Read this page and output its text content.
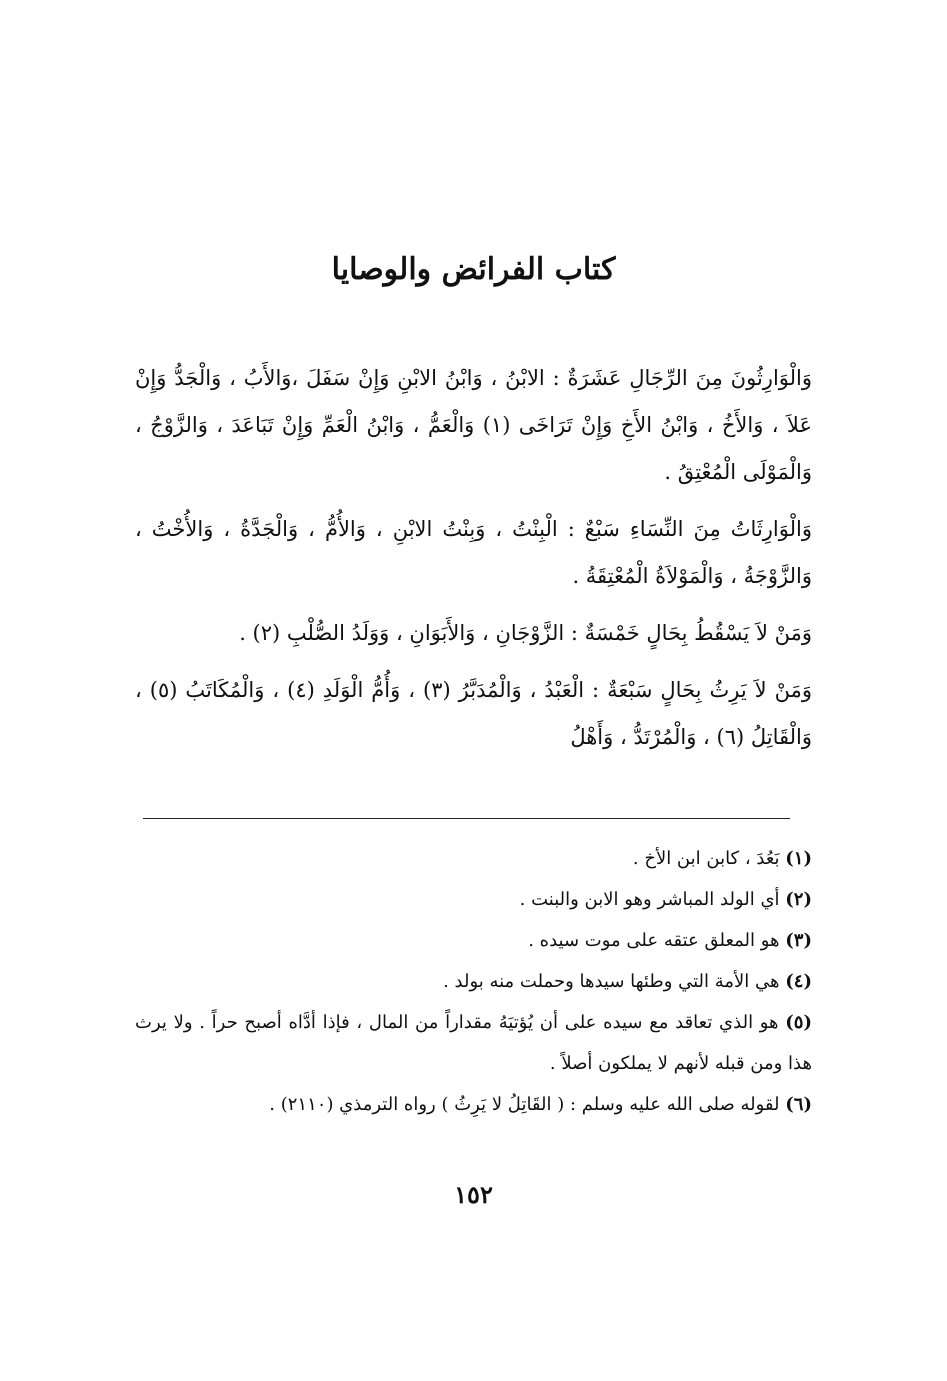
كتاب الفرائض والوصايا

وَالْوَارِثُونَ مِنَ الرِّجَالِ عَشَرَةٌ : الابْنُ ، وَابْنُ الابْنِ وَإِنْ سَفَلَ ،وَالأَبُ ، وَالْجَدُّ وَإِنْ عَلاَ ، وَالأَخُ ، وَابْنُ الأَخِ وَإِنْ تَرَاخَى (١) وَالْعَمُّ ، وَابْنُ الْعَمِّ وَإِنْ تَبَاعَدَ ، وَالزَّوْجُ ، وَالْمَوْلَى الْمُعْتِقُ .

وَالْوَارِثَاتُ مِنَ النِّسَاءِ سَبْعٌ : الْبِنْتُ ، وَبِنْتُ الابْنِ ، وَالأُمُّ ، وَالْجَدَّةُ ، وَالأُخْتُ ، وَالزَّوْجَةُ ، وَالْمَوْلاَةُ الْمُعْتِقَةُ .

وَمَنْ لاَ يَسْقُطُ بِحَالٍ خَمْسَةٌ : الزَّوْجَانِ ، وَالأَبَوَانِ ، وَوَلَدُ الصُّلْبِ (٢) .

وَمَنْ لاَ يَرِثُ بِحَالٍ سَبْعَةٌ : الْعَبْدُ ، وَالْمُدَبَّرُ (٣) ، وَأُمُّ الْوَلَدِ (٤) ، وَالْمُكَاتَبُ (٥) ، وَالْقَاتِلُ (٦) ، وَالْمُرْتَدُّ ، وَأَهْلُ

(١) بَعُدَ ، كابن ابن الأخ .

(٢) أي الولد المباشر وهو الابن والبنت .

(٣) هو المعلق عتقه على موت سيده .

(٤) هي الأمة التي وطئها سيدها وحملت منه بولد .

(٥) هو الذي تعاقد مع سيده على أن يُؤتيَهُ مقداراً من المال ، فإذا أدَّاه أصبح حراً . ولا يرث هذا ومن قبله لأنهم لا يملكون أصلاً .

(٦) لقوله صلى الله عليه وسلم : ( القَاتِلُ لا يَرِثُ ) رواه الترمذي (٢١١٠) .

١٥٢
